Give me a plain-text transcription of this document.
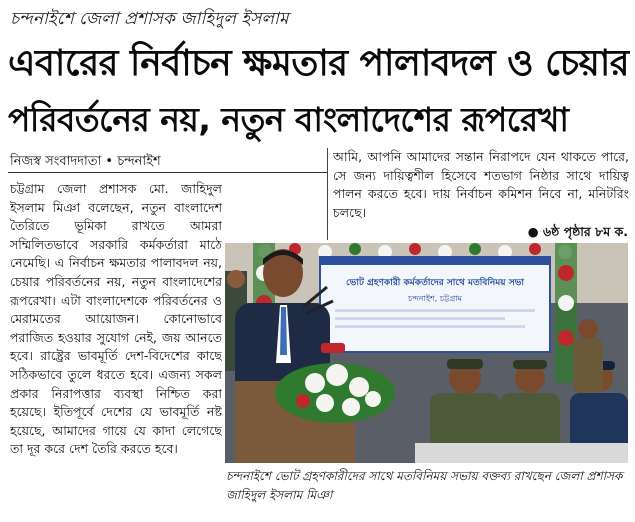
চন্দনাইশে জেলা প্রশাসক জাহিদুল ইসলাম
এবারের নির্বাচন ক্ষমতার পালাবদল ও চেয়ার
পরিবর্তনের নয়, নতুন বাংলাদেশের রূপরেখা
নিজস্ব সংবাদদাতা • চন্দনাইশ
চট্টগ্রাম জেলা প্রশাসক মো. জাহিদুল ইসলাম মিঞা বলেছেন, নতুন বাংলাদেশ তৈরিতে ভূমিকা রাখতে আমরা সম্মিলিতভাবে সরকারি কর্মকর্তারা মাঠে নেমেছি। এ নির্বাচন ক্ষমতার পালাবদল নয়, চেয়ার পরিবর্তনের নয়, নতুন বাংলাদেশের রূপরেখা। এটা বাংলাদেশকে পরিবর্তনের ও মেরামতের আয়োজন। কোনোভাবে পরাজিত হওয়ার সুযোগ নেই, জয় আনতে হবে। রাষ্ট্রের ভাবমূর্তি দেশ-বিদেশের কাছে সঠিকভাবে তুলে ধরতে হবে। এজন্য সকল প্রকার নিরাপত্তার ব্যবস্থা নিশ্চিত করা হয়েছে। ইতিপূর্বে দেশের যে ভাবমূর্তি নষ্ট হয়েছে, আমাদের গায়ে যে কাদা লেগেছে তা দূর করে দেশ তৈরি করতে হবে।
আমি, আপনি আমাদের সন্তান নিরাপদে যেন থাকতে পারে, সে জন্য দায়িত্বশীল হিসেবে শতভাগ নিষ্ঠার সাথে দায়িত্ব পালন করতে হবে। দায় নির্বাচন কমিশন নিবে না, মনিটরিং চলছে।
● ৬ষ্ঠ পৃষ্ঠার ৮ম ক.
ভোট গ্রহণকারী কর্মকর্তাদের সাথে মতবিনিময় সভা
চন্দনাইশ, চট্টগ্রাম
চন্দনাইশে ভোট গ্রহণকারীদের সাথে মতবিনিময় সভায় বক্তব্য রাখছেন জেলা প্রশাসক জাহিদুল ইসলাম মিঞা
